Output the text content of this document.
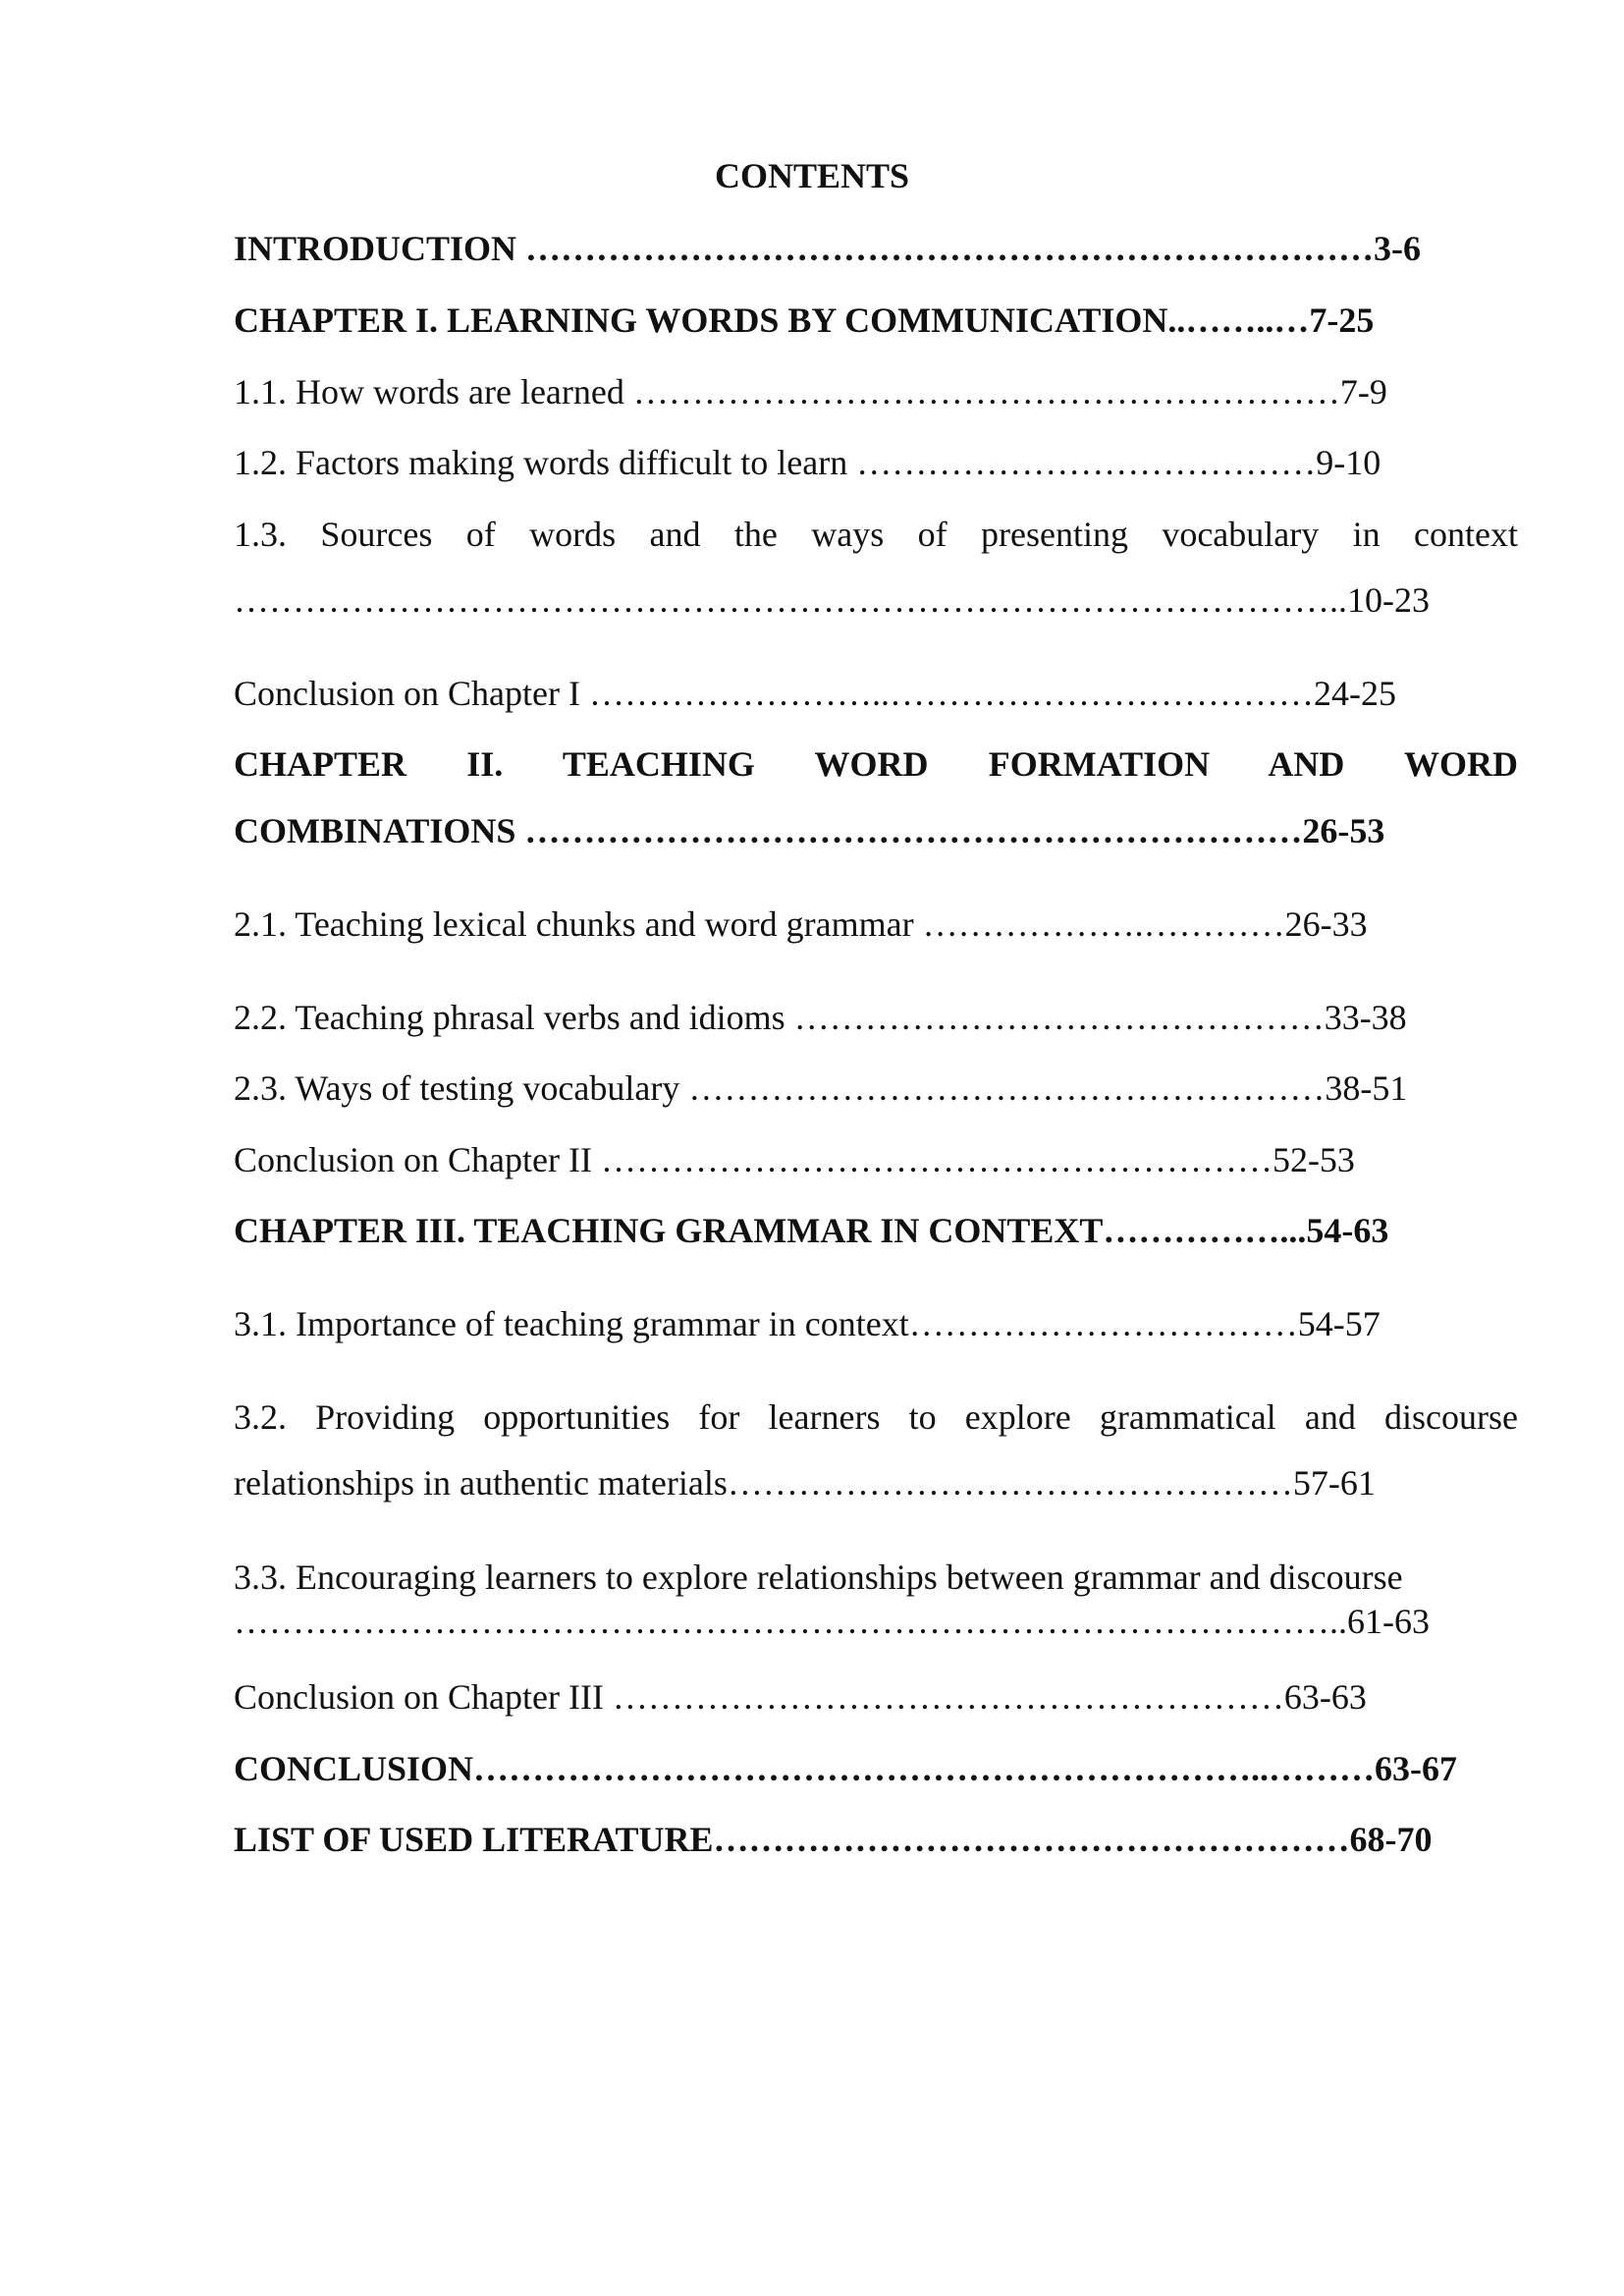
CONTENTS
INTRODUCTION ………………………………………………………………3-6
CHAPTER I. LEARNING WORDS BY COMMUNICATION..……..…7-25
1.1. How words are learned ……………………………………………………7-9
1.2. Factors making words difficult to learn …………………………………9-10
1.3. Sources of words and the ways of presenting vocabulary in context
…………………………………………………………………………………..10-23
Conclusion on Chapter I ……………………..………………………………24-25
CHAPTER II. TEACHING WORD FORMATION AND WORD
COMBINATIONS …………………………………………………………26-53
2.1. Teaching lexical chunks and word grammar ……………….…………26-33
2.2. Teaching phrasal verbs and idioms ………………………………………33-38
2.3. Ways of testing vocabulary ………………………………………………38-51
Conclusion on Chapter II …………………………………………………52-53
CHAPTER III. TEACHING GRAMMAR IN CONTEXT……………...54-63
3.1. Importance of teaching grammar in context……………………………54-57
3.2. Providing opportunities for learners to explore grammatical and discourse
relationships in authentic materials…………………………………………57-61
3.3. Encouraging learners to explore relationships between grammar and discourse
…………………………………………………………………………………..61-63
Conclusion on Chapter III …………………………………………………63-63
CONCLUSION…………………………………………………………..………63-67
LIST OF USED LITERATURE………………………………………………68-70
